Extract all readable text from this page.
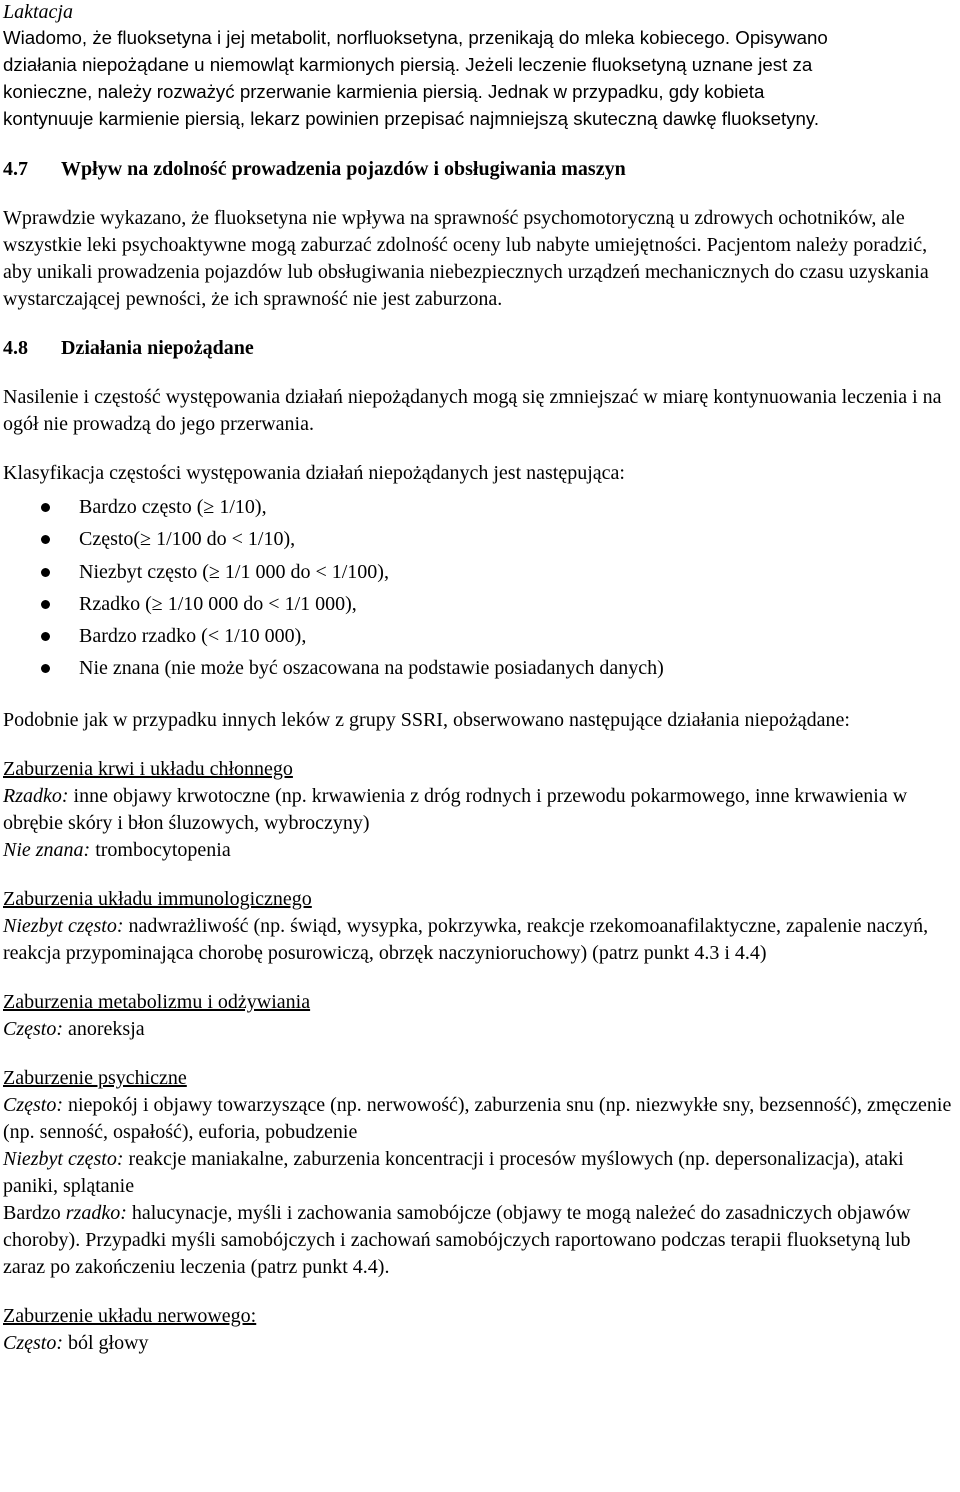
Laktacja

Wiadomo, że fluoksetyna i jej metabolit, norfluoksetyna, przenikają do mleka kobiecego. Opisywano
działania niepożądane u niemowląt karmionych piersią. Jeżeli leczenie fluoksetyną uznane jest za
konieczne, należy rozważyć przerwanie karmienia piersią. Jednak w przypadku, gdy kobieta
kontynuuje karmienie piersią, lekarz powinien przepisać najmniejszą skuteczną dawkę fluoksetyny.

4.7 Wpływ na zdolność prowadzenia pojazdów i obsługiwania maszyn

Wprawdzie wykazano, że fluoksetyna nie wpływa na sprawność psychomotoryczną u zdrowych ochotników, ale wszystkie leki psychoaktywne mogą zaburzać zdolność oceny lub nabyte umiejętności. Pacjentom należy poradzić, aby unikali prowadzenia pojazdów lub obsługiwania niebezpiecznych urządzeń mechanicznych do czasu uzyskania wystarczającej pewności, że ich sprawność nie jest zaburzona.

4.8 Działania niepożądane

Nasilenie i częstość występowania działań niepożądanych mogą się zmniejszać w miarę kontynuowania leczenia i na ogół nie prowadzą do jego przerwania.

Klasyfikacja częstości występowania działań niepożądanych jest następująca:

Bardzo często (≥ 1/10),
Często(≥ 1/100 do < 1/10),
Niezbyt często (≥ 1/1 000 do < 1/100),
Rzadko (≥ 1/10 000 do < 1/1 000),
Bardzo rzadko (< 1/10 000),
Nie znana (nie może być oszacowana na podstawie posiadanych danych)

Podobnie jak w przypadku innych leków z grupy SSRI, obserwowano następujące działania niepożądane:

Zaburzenia krwi i układu chłonnego

Rzadko: inne objawy krwotoczne (np. krwawienia z dróg rodnych i przewodu pokarmowego, inne krwawienia w obrębie skóry i błon śluzowych, wybroczyny)

Nie znana: trombocytopenia

Zaburzenia układu immunologicznego

Niezbyt często: nadwrażliwość (np. świąd, wysypka, pokrzywka, reakcje rzekomoanafilaktyczne, zapalenie naczyń, reakcja przypominająca chorobę posurowiczą, obrzęk naczynioruchowy) (patrz punkt 4.3 i 4.4)

Zaburzenia metabolizmu i odżywiania

Często: anoreksja

Zaburzenie psychiczne

Często: niepokój i objawy towarzyszące (np. nerwowość), zaburzenia snu (np. niezwykłe sny, bezsenność), zmęczenie (np. senność, ospałość), euforia, pobudzenie

Niezbyt często: reakcje maniakalne, zaburzenia koncentracji i procesów myślowych (np. depersonalizacja), ataki paniki, splątanie

Bardzo rzadko: halucynacje, myśli i zachowania samobójcze (objawy te mogą należeć do zasadniczych objawów choroby). Przypadki myśli samobójczych i zachowań samobójczych raportowano podczas terapii fluoksetyną lub zaraz po zakończeniu leczenia (patrz punkt 4.4).

Zaburzenie układu nerwowego:

Często: ból głowy
